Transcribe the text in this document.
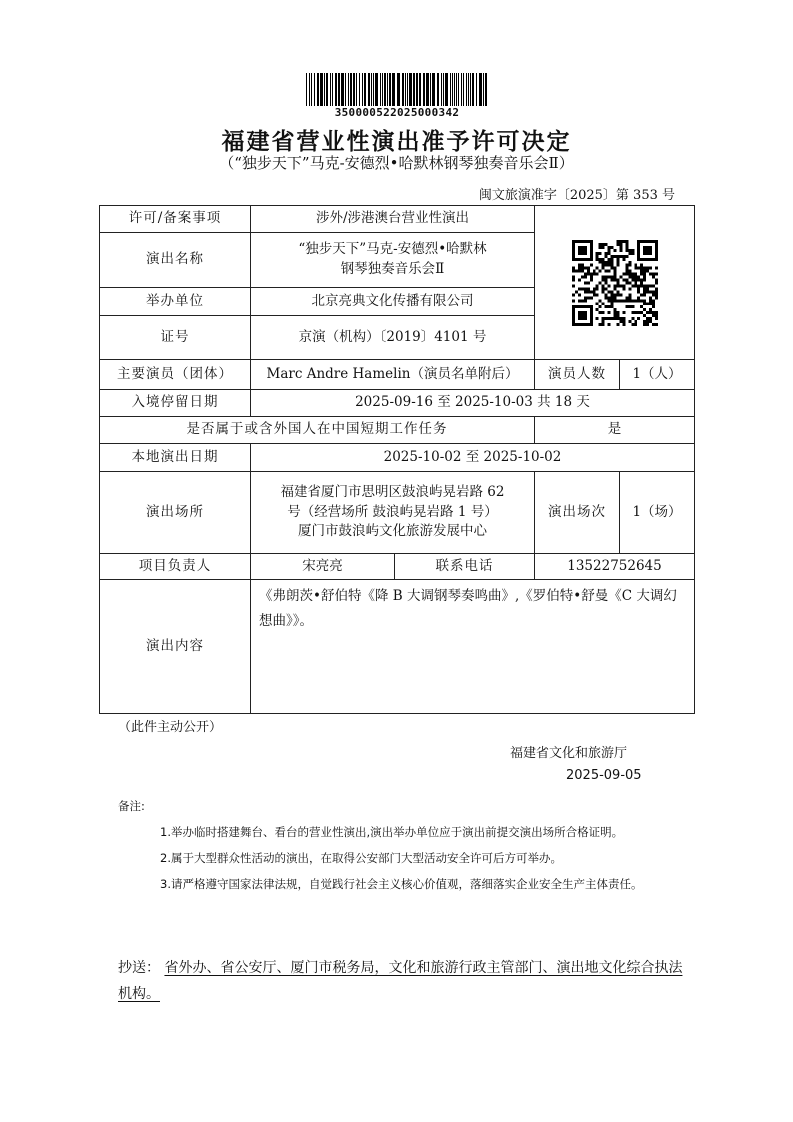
350000522025000342
福建省营业性演出准予许可决定
（“独步天下”马克-安德烈•哈默林钢琴独奏音乐会Ⅱ）
闽文旅演准字〔2025〕第 353 号
许可/备案事项	涉外/涉港澳台营业性演出	

演出名称	“独步天下”马克-安德烈•哈默林
钢琴独奏音乐会Ⅱ			
举办单位	北京亮典文化传播有限公司			
证号	京演（机构）〔2019〕4101 号			
主要演员（团体）	Marc Andre Hamelin（演员名单附后）		演员人数	1（人）
入境停留日期	2025-09-16 至 2025-10-03 共 18 天			
是否属于或含外国人在中国短期工作任务			是	
本地演出日期	2025-10-02 至 2025-10-02			
演出场所	福建省厦门市思明区鼓浪屿晃岩路 62
号（经营场所 鼓浪屿晃岩路 1 号）
厦门市鼓浪屿文化旅游发展中心		演出场次	1（场）
项目负责人	宋亮亮	联系电话	13522752645	
演出内容	《弗朗茨•舒伯特《降 B 大调钢琴奏鸣曲》,《罗伯特•舒曼《C 大调幻想曲》》。			
（此件主动公开）
福建省文化和旅游厅
2025-09-05
备注:
1.举办临时搭建舞台、看台的营业性演出,演出举办单位应于演出前提交演出场所合格证明。
2.属于大型群众性活动的演出，在取得公安部门大型活动安全许可后方可举办。
3.请严格遵守国家法律法规，自觉践行社会主义核心价值观，落细落实企业安全生产主体责任。
抄送： 省外办、省公安厅、厦门市税务局，文化和旅游行政主管部门、演出地文化综合执法机构。
